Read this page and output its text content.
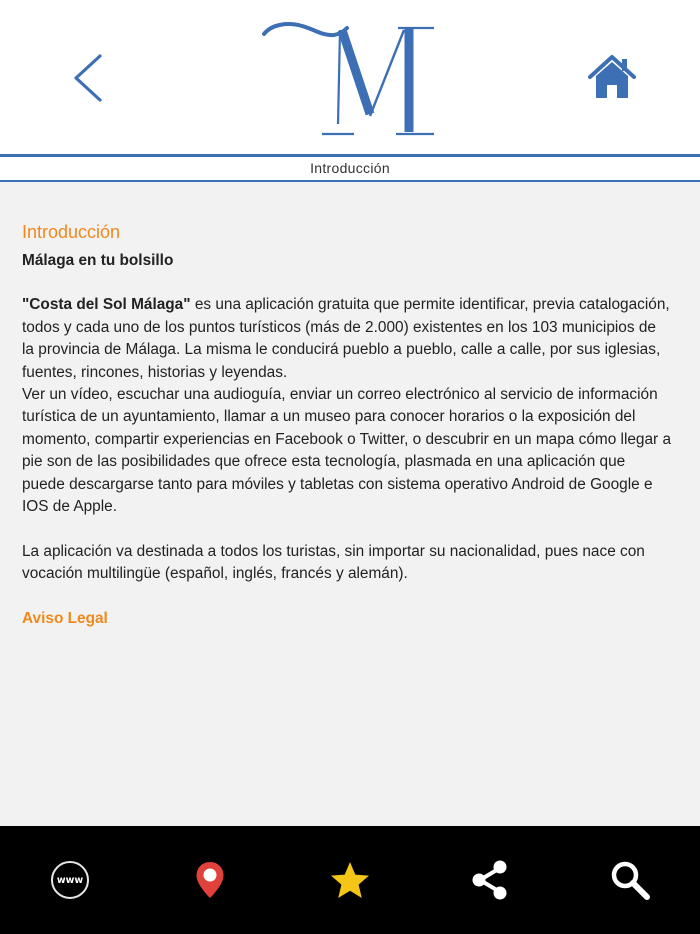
Introducción
Introducción
Málaga en tu bolsillo

"Costa del Sol Málaga" es una aplicación gratuita que permite identificar, previa catalogación, todos y cada uno de los puntos turísticos (más de 2.000) existentes en los 103 municipios de la provincia de Málaga. La misma le conducirá pueblo a pueblo, calle a calle, por sus iglesias, fuentes, rincones, historias y leyendas.

Ver un vídeo, escuchar una audioguía, enviar un correo electrónico al servicio de información turística de un ayuntamiento, llamar a un museo para conocer horarios o la exposición del momento, compartir experiencias en Facebook o Twitter, o descubrir en un mapa cómo llegar a pie son de las posibilidades que ofrece esta tecnología, plasmada en una aplicación que puede descargarse tanto para móviles y tabletas con sistema operativo Android de Google e IOS de Apple.

La aplicación va destinada a todos los turistas, sin importar su nacionalidad, pues nace con vocación multilingüe (español, inglés, francés y alemán).

Aviso Legal
www
